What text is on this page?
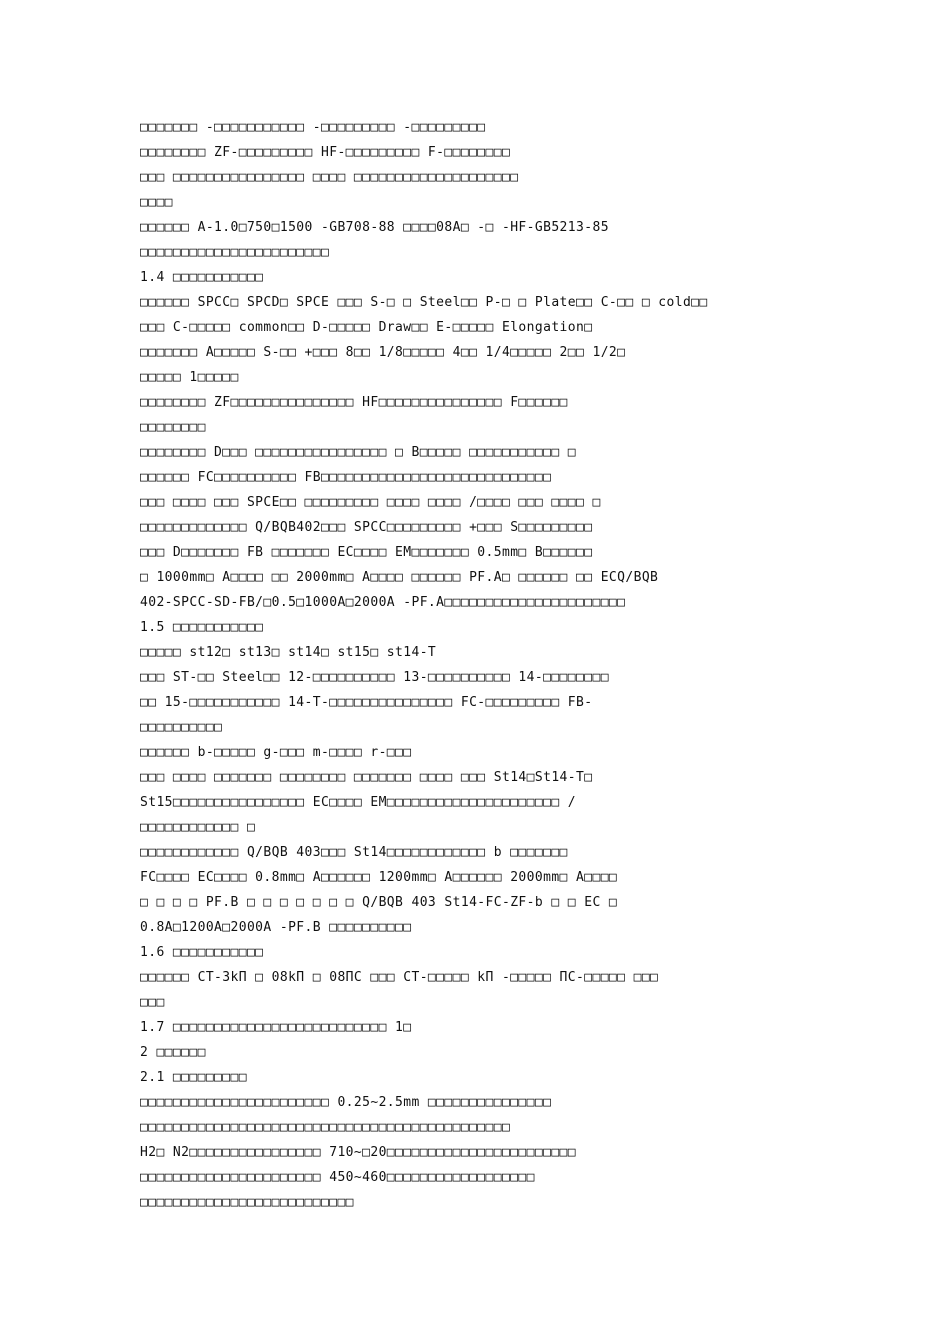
□□□□□□□ -□□□□□□□□□□□ -□□□□□□□□□ -□□□□□□□□□
□□□□□□□□ ZF-□□□□□□□□□ HF-□□□□□□□□□ F-□□□□□□□□
□□□ □□□□□□□□□□□□□□□□ □□□□ □□□□□□□□□□□□□□□□□□□□
□□□□
□□□□□□ A-1.0□750□1500 -GB708-88 □□□□08A□ -□ -HF-GB5213-85
□□□□□□□□□□□□□□□□□□□□□□□
1.4 □□□□□□□□□□□
□□□□□□ SPCC□ SPCD□ SPCE □□□ S-□ □ Steel□□ P-□ □ Plate□□ C-□□ □ cold□□
□□□ C-□□□□□ common□□ D-□□□□□ Draw□□ E-□□□□□ Elongation□
□□□□□□□ A□□□□□ S-□□ +□□□ 8□□ 1/8□□□□□ 4□□ 1/4□□□□□ 2□□ 1/2□
□□□□□ 1□□□□□
□□□□□□□□ ZF□□□□□□□□□□□□□□□ HF□□□□□□□□□□□□□□□ F□□□□□□
□□□□□□□□
□□□□□□□□ D□□□ □□□□□□□□□□□□□□□□ □ B□□□□□ □□□□□□□□□□□ □
□□□□□□ FC□□□□□□□□□□ FB□□□□□□□□□□□□□□□□□□□□□□□□□□□□
□□□ □□□□ □□□ SPCE□□ □□□□□□□□□ □□□□ □□□□ /□□□□ □□□ □□□□ □
□□□□□□□□□□□□□ Q/BQB402□□□ SPCC□□□□□□□□□ +□□□ S□□□□□□□□□
□□□ D□□□□□□□ FB □□□□□□□ EC□□□□ EM□□□□□□□ 0.5mm□ B□□□□□□
□ 1000mm□ A□□□□ □□ 2000mm□ A□□□□ □□□□□□ PF.A□ □□□□□□ □□ ECQ/BQB
402-SPCC-SD-FB/□0.5□1000A□2000A -PF.A□□□□□□□□□□□□□□□□□□□□□□
1.5 □□□□□□□□□□□
□□□□□ st12□ st13□ st14□ st15□ st14-T
□□□ ST-□□ Steel□□ 12-□□□□□□□□□□ 13-□□□□□□□□□□ 14-□□□□□□□□
□□ 15-□□□□□□□□□□□ 14-T-□□□□□□□□□□□□□□□ FC-□□□□□□□□□ FB-
□□□□□□□□□□
□□□□□□ b-□□□□□ g-□□□ m-□□□□ r-□□□
□□□ □□□□ □□□□□□□ □□□□□□□□ □□□□□□□ □□□□ □□□ St14□St14-T□
St15□□□□□□□□□□□□□□□□ EC□□□□ EM□□□□□□□□□□□□□□□□□□□□□ /
□□□□□□□□□□□□ □
□□□□□□□□□□□□ Q/BQB 403□□□ St14□□□□□□□□□□□□ b □□□□□□□
FC□□□□ EC□□□□ 0.8mm□ A□□□□□□ 1200mm□ A□□□□□□ 2000mm□ A□□□□
□ □ □ □ PF.B □ □ □ □ □ □ □ Q/BQB 403 St14-FC-ZF-b □ □ EC □
0.8A□1200A□2000A -PF.B □□□□□□□□□□
1.6 □□□□□□□□□□□
□□□□□□ CT-3kП □ 08kП □ 08ПC □□□ CT-□□□□□ kП -□□□□□ ПC-□□□□□ □□□
□□□
1.7 □□□□□□□□□□□□□□□□□□□□□□□□□□ 1□
2 □□□□□□
2.1 □□□□□□□□□
□□□□□□□□□□□□□□□□□□□□□□□ 0.25~2.5mm □□□□□□□□□□□□□□□
□□□□□□□□□□□□□□□□□□□□□□□□□□□□□□□□□□□□□□□□□□□□□
H2□ N2□□□□□□□□□□□□□□□□ 710~□20□□□□□□□□□□□□□□□□□□□□□□□
□□□□□□□□□□□□□□□□□□□□□□ 450~460□□□□□□□□□□□□□□□□□□
□□□□□□□□□□□□□□□□□□□□□□□□□□
